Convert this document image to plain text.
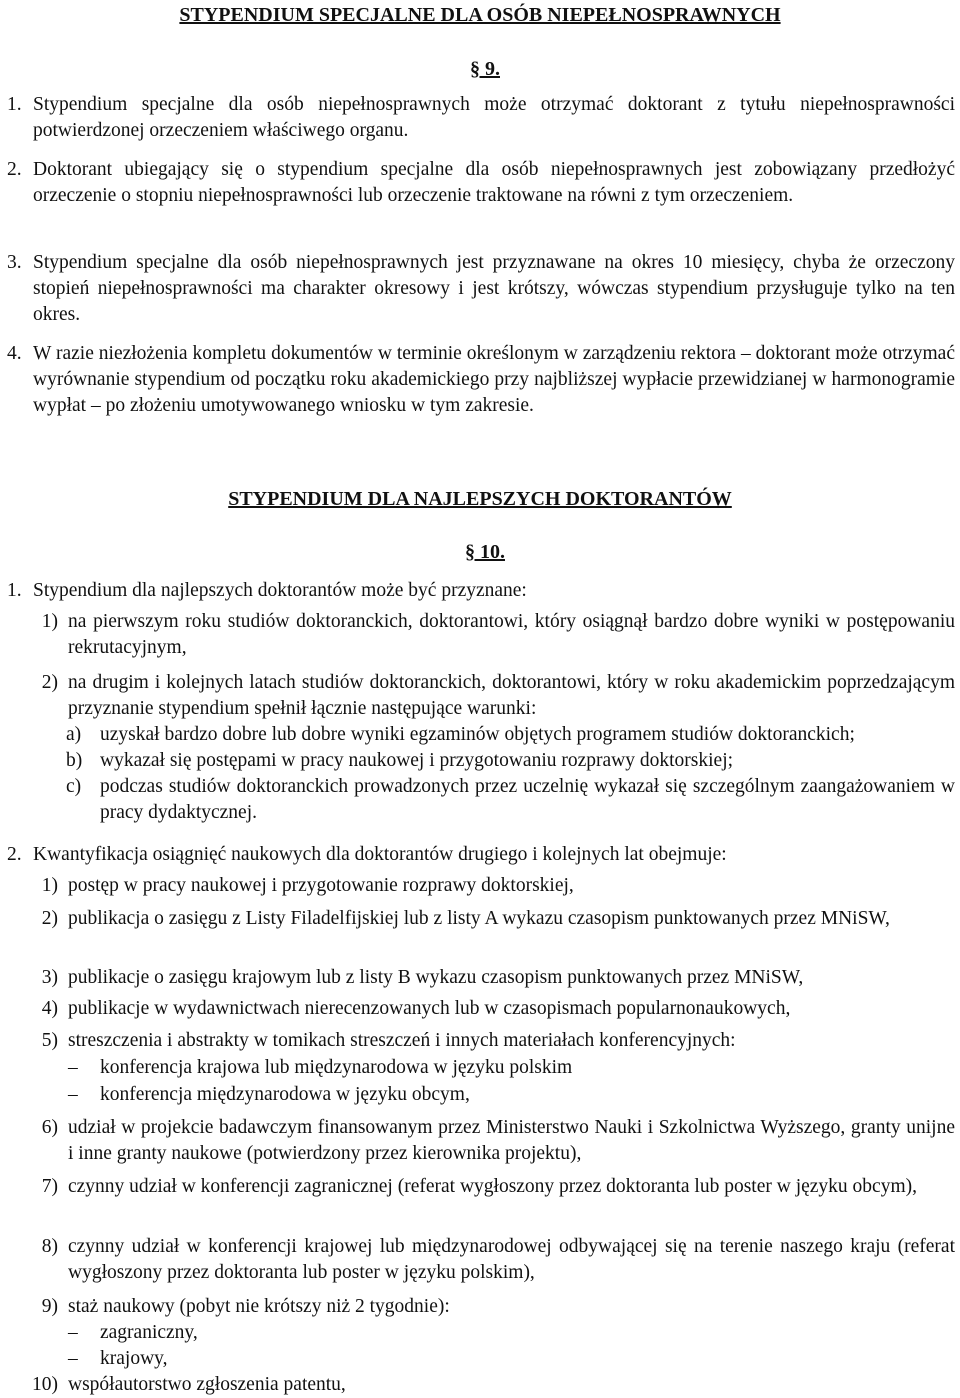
STYPENDIUM SPECJALNE DLA OSÓB NIEPEŁNOSPRAWNYCH
§ 9.
1. Stypendium specjalne dla osób niepełnosprawnych może otrzymać doktorant z tytułu niepełnosprawności potwierdzonej orzeczeniem właściwego organu.
2. Doktorant ubiegający się o stypendium specjalne dla osób niepełnosprawnych jest zobowiązany przedłożyć orzeczenie o stopniu niepełnosprawności lub orzeczenie traktowane na równi z tym orzeczeniem.
3. Stypendium specjalne dla osób niepełnosprawnych jest przyznawane na okres 10 miesięcy, chyba że orzeczony stopień niepełnosprawności ma charakter okresowy i jest krótszy, wówczas stypendium przysługuje tylko na ten okres.
4. W razie niezłożenia kompletu dokumentów w terminie określonym w zarządzeniu rektora – doktorant może otrzymać wyrównanie stypendium od początku roku akademickiego przy najbliższej wypłacie przewidzianej w harmonogramie wypłat – po złożeniu umotywowanego wniosku w tym zakresie.
STYPENDIUM DLA NAJLEPSZYCH DOKTORANTÓW
§ 10.
1. Stypendium dla najlepszych doktorantów może być przyznane:
1) na pierwszym roku studiów doktoranckich, doktorantowi, który osiągnął bardzo dobre wyniki w postępowaniu rekrutacyjnym,
2) na drugim i kolejnych latach studiów doktoranckich, doktorantowi, który w roku akademickim poprzedzającym przyznanie stypendium spełnił łącznie następujące warunki:
a) uzyskał bardzo dobre lub dobre wyniki egzaminów objętych programem studiów doktoranckich;
b) wykazał się postępami w pracy naukowej i przygotowaniu rozprawy doktorskiej;
c) podczas studiów doktoranckich prowadzonych przez uczelnię wykazał się szczególnym zaangażowaniem w pracy dydaktycznej.
2. Kwantyfikacja osiągnięć naukowych dla doktorantów drugiego i kolejnych lat obejmuje:
1) postęp w pracy naukowej i przygotowanie rozprawy doktorskiej,
2) publikacja o zasięgu z Listy Filadelfijskiej lub z listy A wykazu czasopism punktowanych przez MNiSW,
3) publikacje o zasięgu krajowym lub z listy B wykazu czasopism punktowanych przez MNiSW,
4) publikacje w wydawnictwach nierecenzowanych lub w czasopismach popularnonaukowych,
5) streszczenia i abstrakty w tomikach streszczeń i innych materiałach konferencyjnych:
–	konferencja krajowa lub międzynarodowa w języku polskim
–	konferencja międzynarodowa w języku obcym,
6) udział w projekcie badawczym finansowanym przez Ministerstwo Nauki i Szkolnictwa Wyższego, granty unijne i inne granty naukowe (potwierdzony przez kierownika projektu),
7) czynny udział w konferencji zagranicznej (referat wygłoszony przez doktoranta lub poster w języku obcym),
8) czynny udział w konferencji krajowej lub międzynarodowej odbywającej się na terenie naszego kraju (referat wygłoszony przez doktoranta lub poster w języku polskim),
9) staż naukowy (pobyt nie krótszy niż 2 tygodnie):
–	zagraniczny,
–	krajowy,
10) współautorstwo zgłoszenia patentu,
